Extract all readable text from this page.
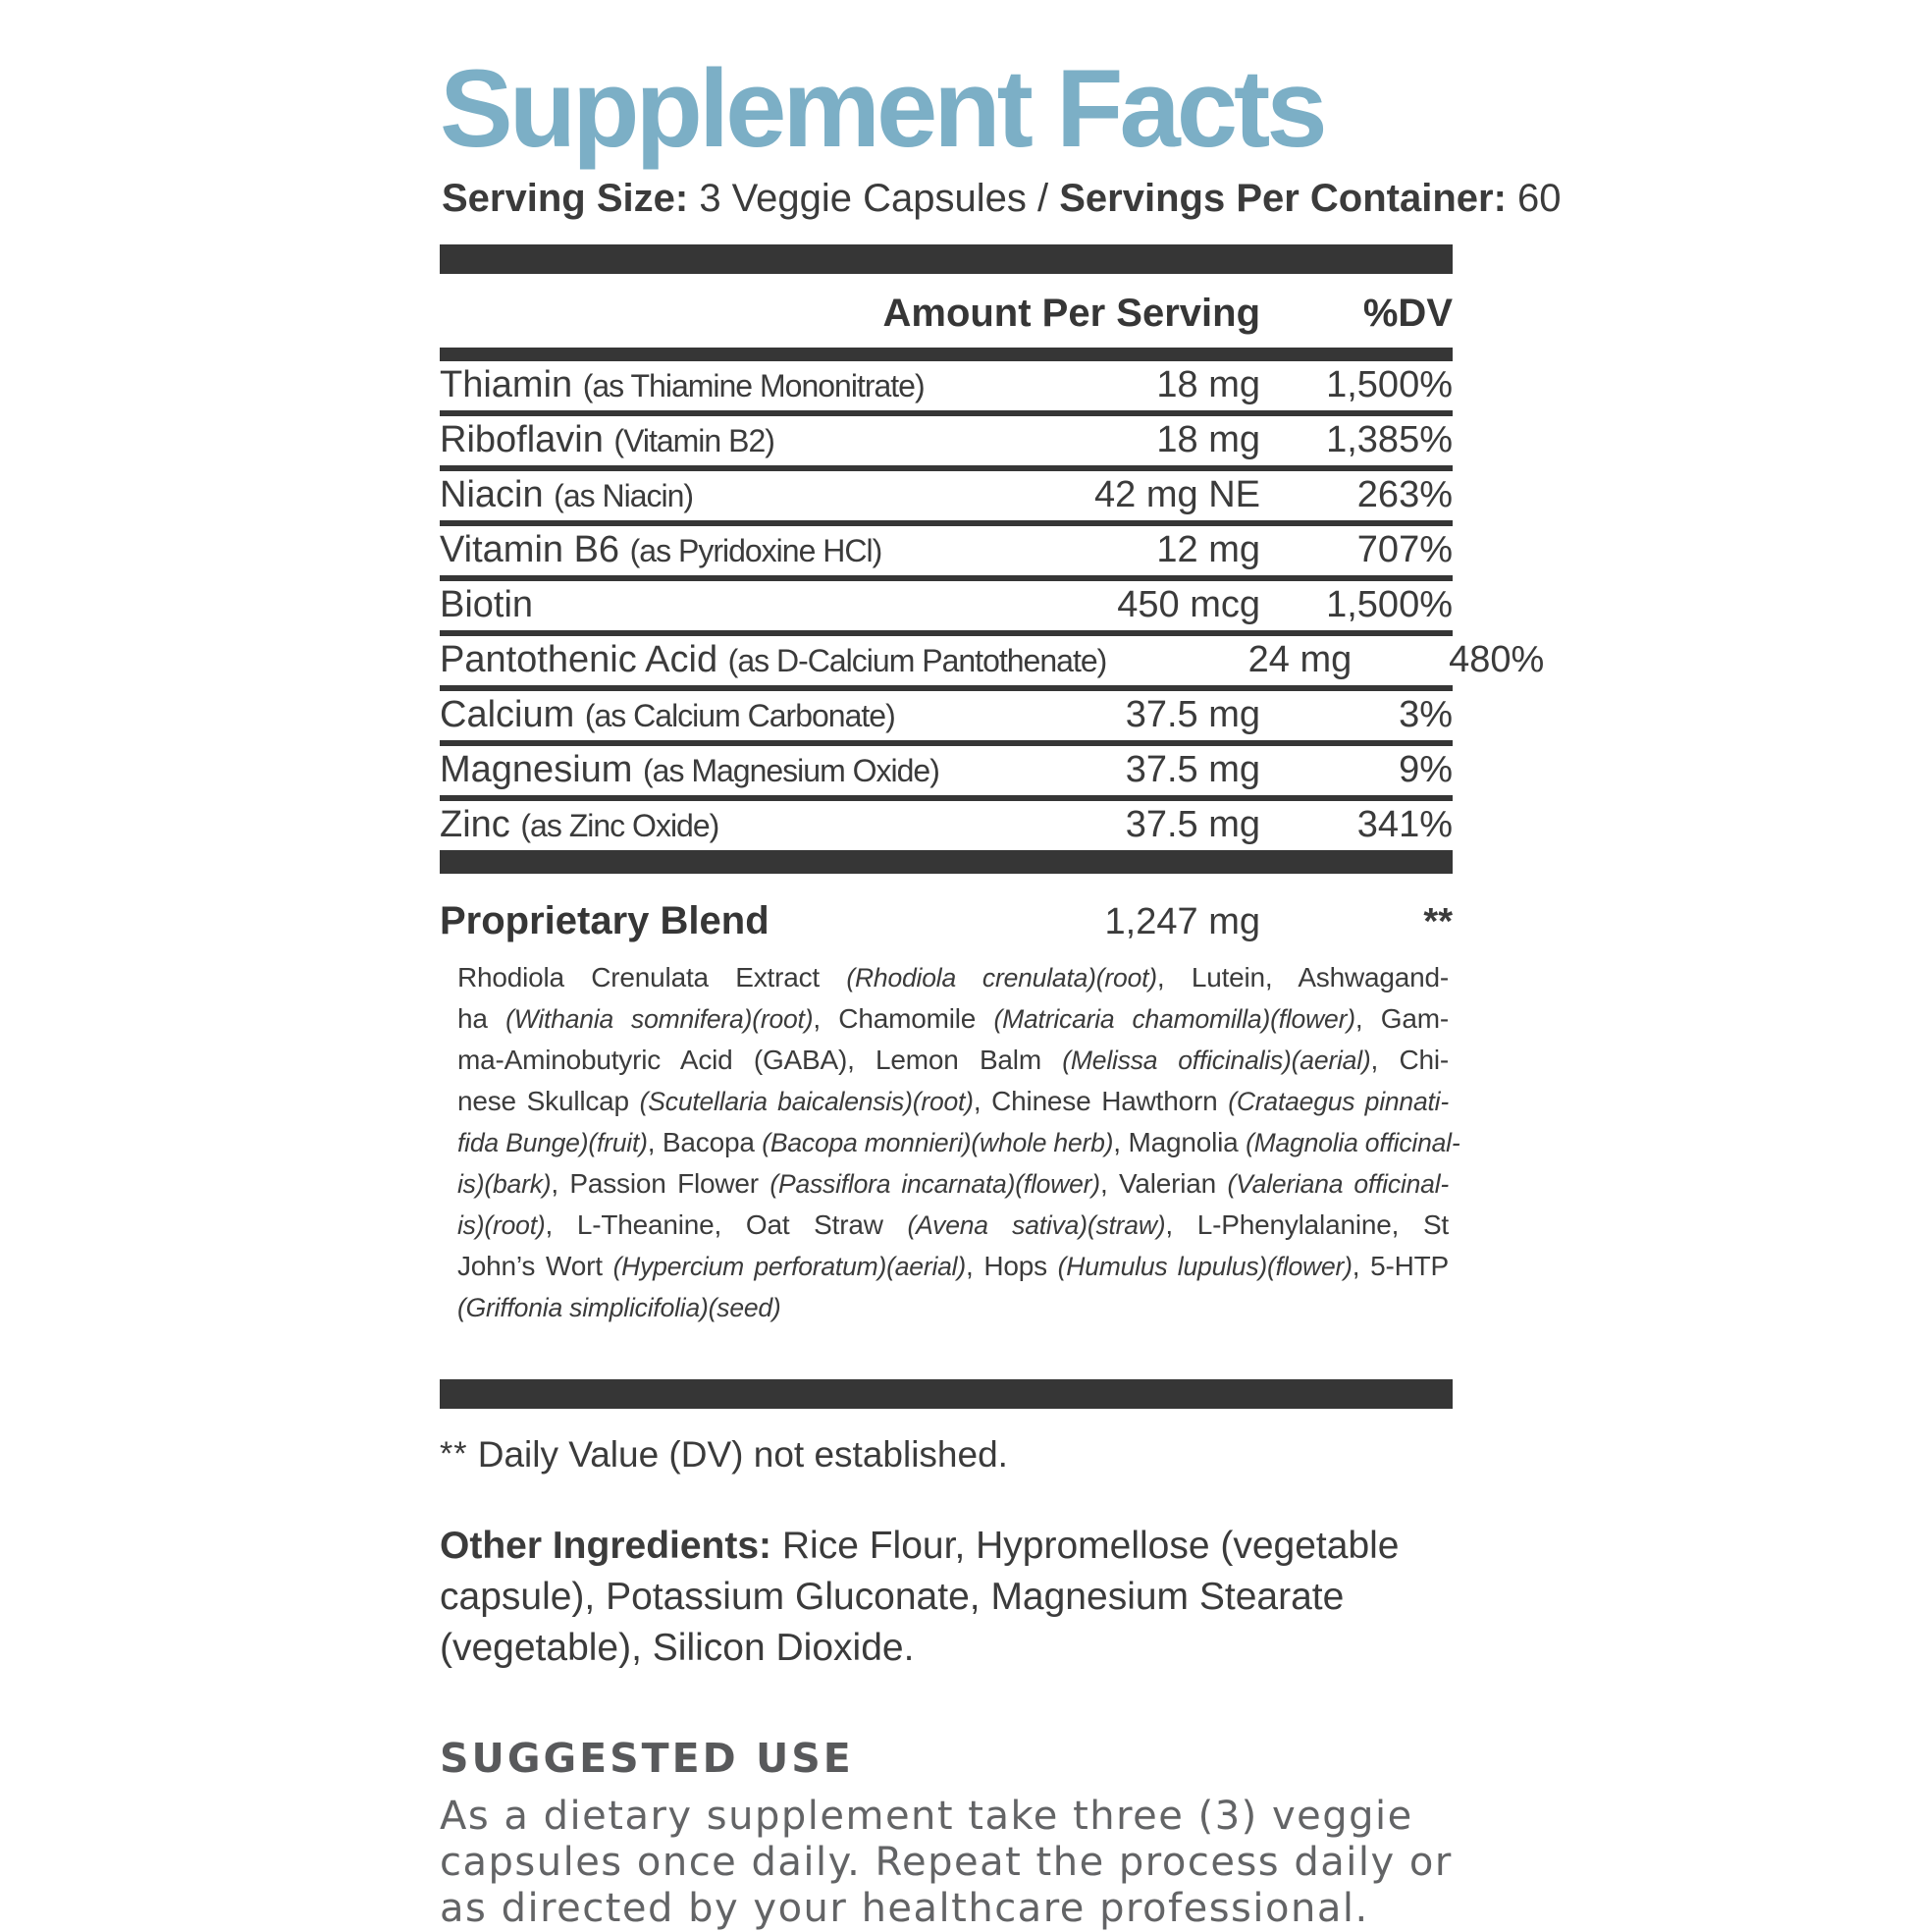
Supplement Facts
Serving Size: 3 Veggie Capsules / Servings Per Container: 60
Amount Per Serving	%DV
Thiamin (as Thiamine Mononitrate)	18 mg	1,500%
Riboflavin (Vitamin B2)	18 mg	1,385%
Niacin (as Niacin)	42 mg NE	263%
Vitamin B6 (as Pyridoxine HCl)	12 mg	707%
Biotin	450 mcg	1,500%
Pantothenic Acid (as D-Calcium Pantothenate)	24 mg	480%
Calcium (as Calcium Carbonate)	37.5 mg	3%
Magnesium (as Magnesium Oxide)	37.5 mg	9%
Zinc (as Zinc Oxide)	37.5 mg	341%
Proprietary Blend	1,247 mg	**
Rhodiola Crenulata Extract (Rhodiola crenulata)(root), Lutein, Ashwagand-
ha (Withania somnifera)(root), Chamomile (Matricaria chamomilla)(flower), Gam-
ma-Aminobutyric Acid (GABA), Lemon Balm (Melissa officinalis)(aerial), Chi-
nese Skullcap (Scutellaria baicalensis)(root), Chinese Hawthorn (Crataegus pinnati-
fida Bunge)(fruit), Bacopa (Bacopa monnieri)(whole herb), Magnolia (Magnolia officinal-
is)(bark), Passion Flower (Passiflora incarnata)(flower), Valerian (Valeriana officinal-
is)(root), L-Theanine, Oat Straw (Avena sativa)(straw), L-Phenylalanine, St
John’s Wort (Hypercium perforatum)(aerial), Hops (Humulus lupulus)(flower), 5-HTP
(Griffonia simplicifolia)(seed)
** Daily Value (DV) not established.
Other Ingredients: Rice Flour, Hypromellose (vegetable capsule), Potassium Gluconate, Magnesium Stearate (vegetable), Silicon Dioxide.
SUGGESTED USE
As a dietary supplement take three (3) veggie capsules once daily. Repeat the process daily or as directed by your healthcare professional.
